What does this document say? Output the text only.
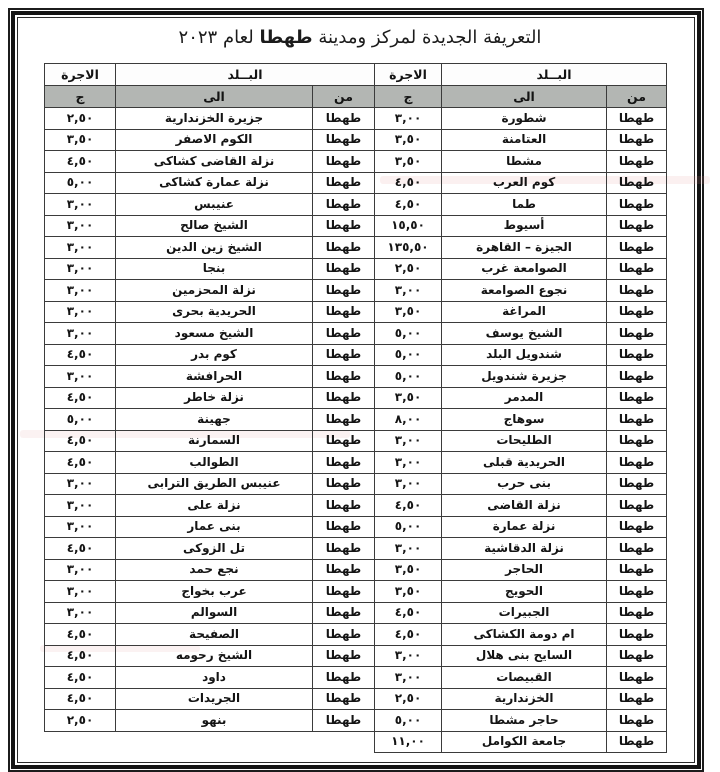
التعريفة الجديدة لمركز ومدينة طهطا لعام ٢٠٢٣
البــلد		الاجرة	البــلد		الاجرة
من	الى	ج	من	الى	ج
طهطا	شطورة	٣,٠٠	طهطا	جزيرة الخزندارية	٢,٥٠
طهطا	العتامنة	٣,٥٠	طهطا	الكوم الاصفر	٣,٥٠
طهطا	مشطا	٣,٥٠	طهطا	نزلة القاضى كشاكى	٤,٥٠
طهطا	كوم العرب	٤,٥٠	طهطا	نزلة عمارة كشاكى	٥,٠٠
طهطا	طما	٤,٥٠	طهطا	عنيبس	٣,٠٠
طهطا	أسيوط	١٥,٥٠	طهطا	الشيخ صالح	٣,٠٠
طهطا	الجيزة – القاهرة	١٣٥,٥٠	طهطا	الشيخ زين الدين	٣,٠٠
طهطا	الصوامعة غرب	٢,٥٠	طهطا	بنجا	٣,٠٠
طهطا	نجوع الصوامعة	٣,٠٠	طهطا	نزلة المحزمين	٣,٠٠
طهطا	المراغة	٣,٥٠	طهطا	الحريدية بحرى	٣,٠٠
طهطا	الشيخ يوسف	٥,٠٠	طهطا	الشيخ مسعود	٣,٠٠
طهطا	شندويل البلد	٥,٠٠	طهطا	كوم بدر	٤,٥٠
طهطا	جزيرة شندويل	٥,٠٠	طهطا	الحرافشة	٣,٠٠
طهطا	المدمر	٣,٥٠	طهطا	نزلة خاطر	٤,٥٠
طهطا	سوهاج	٨,٠٠	طهطا	جهينة	٥,٠٠
طهطا	الطليحات	٣,٠٠	طهطا	السمارنة	٤,٥٠
طهطا	الحريدية قبلى	٣,٠٠	طهطا	الطوالب	٤,٥٠
طهطا	بنى حرب	٣,٠٠	طهطا	عنيبس الطريق الترابى	٣,٠٠
طهطا	نزلة القاضى	٤,٥٠	طهطا	نزلة على	٣,٠٠
طهطا	نزلة عمارة	٥,٠٠	طهطا	بنى عمار	٣,٠٠
طهطا	نزلة الدقاشية	٣,٠٠	طهطا	تل الزوكى	٤,٥٠
طهطا	الحاجر	٣,٥٠	طهطا	نجع حمد	٣,٠٠
طهطا	الحويج	٣,٥٠	طهطا	عرب بخواج	٣,٠٠
طهطا	الجبيرات	٤,٥٠	طهطا	السوالم	٣,٠٠
طهطا	ام دومة الكشاكى	٤,٥٠	طهطا	الصفيحة	٤,٥٠
طهطا	السايح بنى هلال	٣,٠٠	طهطا	الشيخ رحومه	٤,٥٠
طهطا	القبيصات	٣,٠٠	طهطا	داود	٤,٥٠
طهطا	الخزندارية	٢,٥٠	طهطا	الجريدات	٤,٥٠
طهطا	حاجر مشطا	٥,٠٠	طهطا	بنهو	٢,٥٠
طهطا	جامعة الكوامل	١١,٠٠			
